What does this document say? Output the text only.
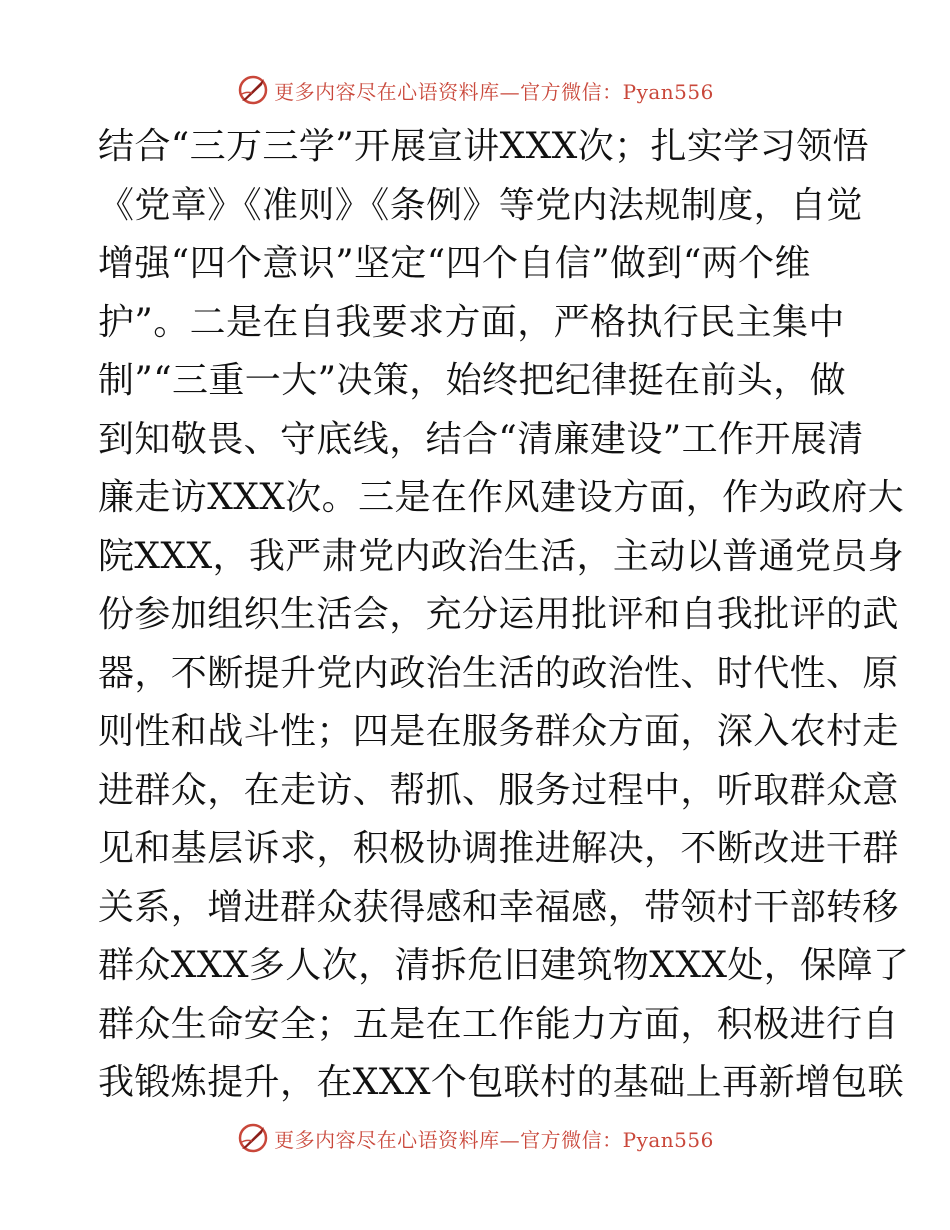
更多内容尽在心语资料库—官方微信：Pyan556
结合“三万三学”开展宣讲XXX次；扎实学习领悟
《党章》《准则》《条例》等党内法规制度，自觉
增强“四个意识”坚定“四个自信”做到“两个维
护”。二是在自我要求方面，严格执行民主集中
制”“三重一大”决策，始终把纪律挺在前头，做
到知敬畏、守底线，结合“清廉建设”工作开展清
廉走访XXX次。三是在作风建设方面，作为政府大
院XXX，我严肃党内政治生活，主动以普通党员身
份参加组织生活会，充分运用批评和自我批评的武
器，不断提升党内政治生活的政治性、时代性、原
则性和战斗性；四是在服务群众方面，深入农村走
进群众，在走访、帮抓、服务过程中，听取群众意
见和基层诉求，积极协调推进解决，不断改进干群
关系，增进群众获得感和幸福感，带领村干部转移
群众XXX多人次，清拆危旧建筑物XXX处，保障了
群众生命安全；五是在工作能力方面，积极进行自
我锻炼提升，在XXX个包联村的基础上再新增包联
更多内容尽在心语资料库—官方微信：Pyan556
